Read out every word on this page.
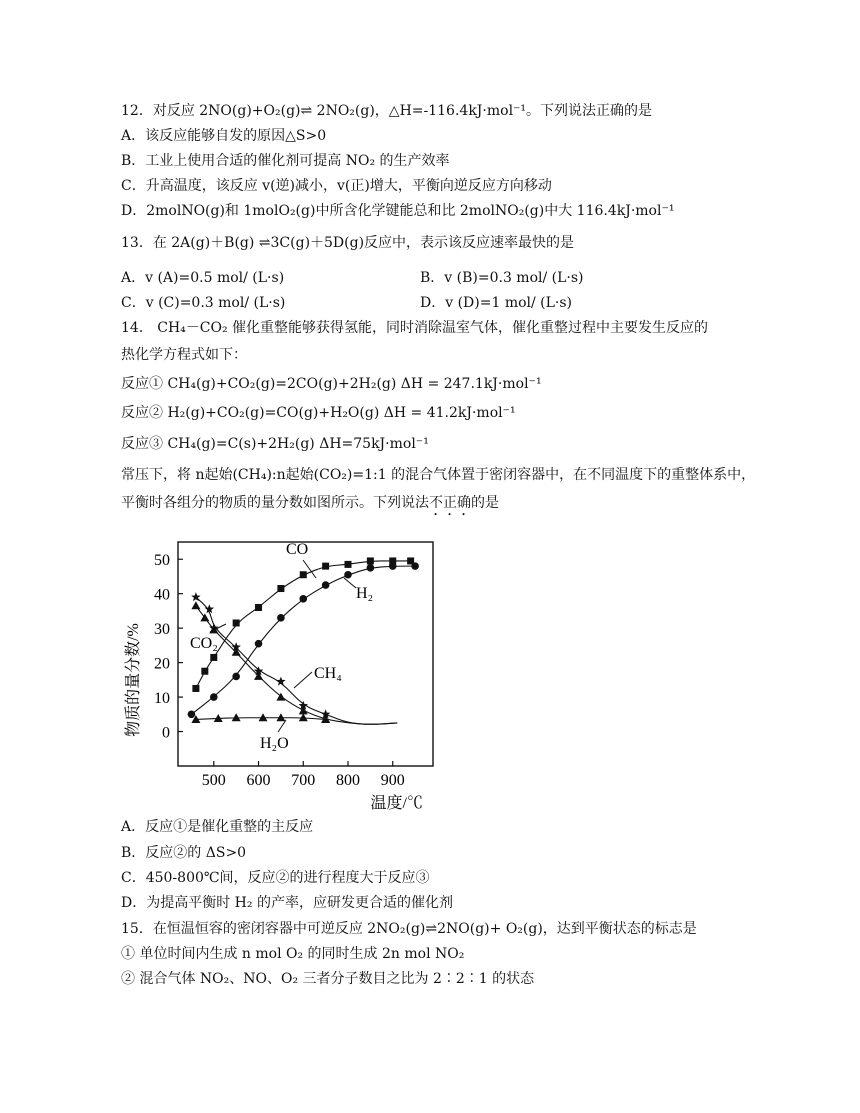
12．对反应 2NO(g)+O₂(g)⇌ 2NO₂(g)，△H=-116.4kJ·mol⁻¹。下列说法正确的是
A．该反应能够自发的原因△S>0
B．工业上使用合适的催化剂可提高 NO₂ 的生产效率
C．升高温度，该反应 v(逆)减小，v(正)增大，平衡向逆反应方向移动
D．2molNO(g)和 1molO₂(g)中所含化学键能总和比 2molNO₂(g)中大 116.4kJ·mol⁻¹
13．在 2A(g)＋B(g) ⇌3C(g)＋5D(g)反应中，表示该反应速率最快的是
A．v (A)=0.5 mol/ (L·s)	B．v (B)=0.3 mol/ (L·s)
C．v (C)=0.3 mol/ (L·s)	D．v (D)=1 mol/ (L·s)
14． CH₄－CO₂ 催化重整能够获得氢能，同时消除温室气体，催化重整过程中主要发生反应的
热化学方程式如下：
反应① CH₄(g)+CO₂(g)=2CO(g)+2H₂(g) ΔH = 247.1kJ·mol⁻¹
反应② H₂(g)+CO₂(g)=CO(g)+H₂O(g) ΔH = 41.2kJ·mol⁻¹
反应③ CH₄(g)=C(s)+2H₂(g) ΔH=75kJ·mol⁻¹
常压下，将 n起始(CH₄):n起始(CO₂)=1:1 的混合气体置于密闭容器中，在不同温度下的重整体系中，
平衡时各组分的物质的量分数如图所示。下列说法不正确的是
500 600 700 800 900
0
10
20
30
40
50
CO
H₂
CO₂
CH₄
H₂O
温度/℃
物质的量分数/%
A．反应①是催化重整的主反应
B．反应②的 ΔS>0
C．450-800℃间，反应②的进行程度大于反应③
D．为提高平衡时 H₂ 的产率，应研发更合适的催化剂
15．在恒温恒容的密闭容器中可逆反应 2NO₂(g)⇌2NO(g)+ O₂(g)，达到平衡状态的标志是
① 单位时间内生成 n mol O₂ 的同时生成 2n mol NO₂
② 混合气体 NO₂、NO、O₂ 三者分子数目之比为 2∶2∶1 的状态
